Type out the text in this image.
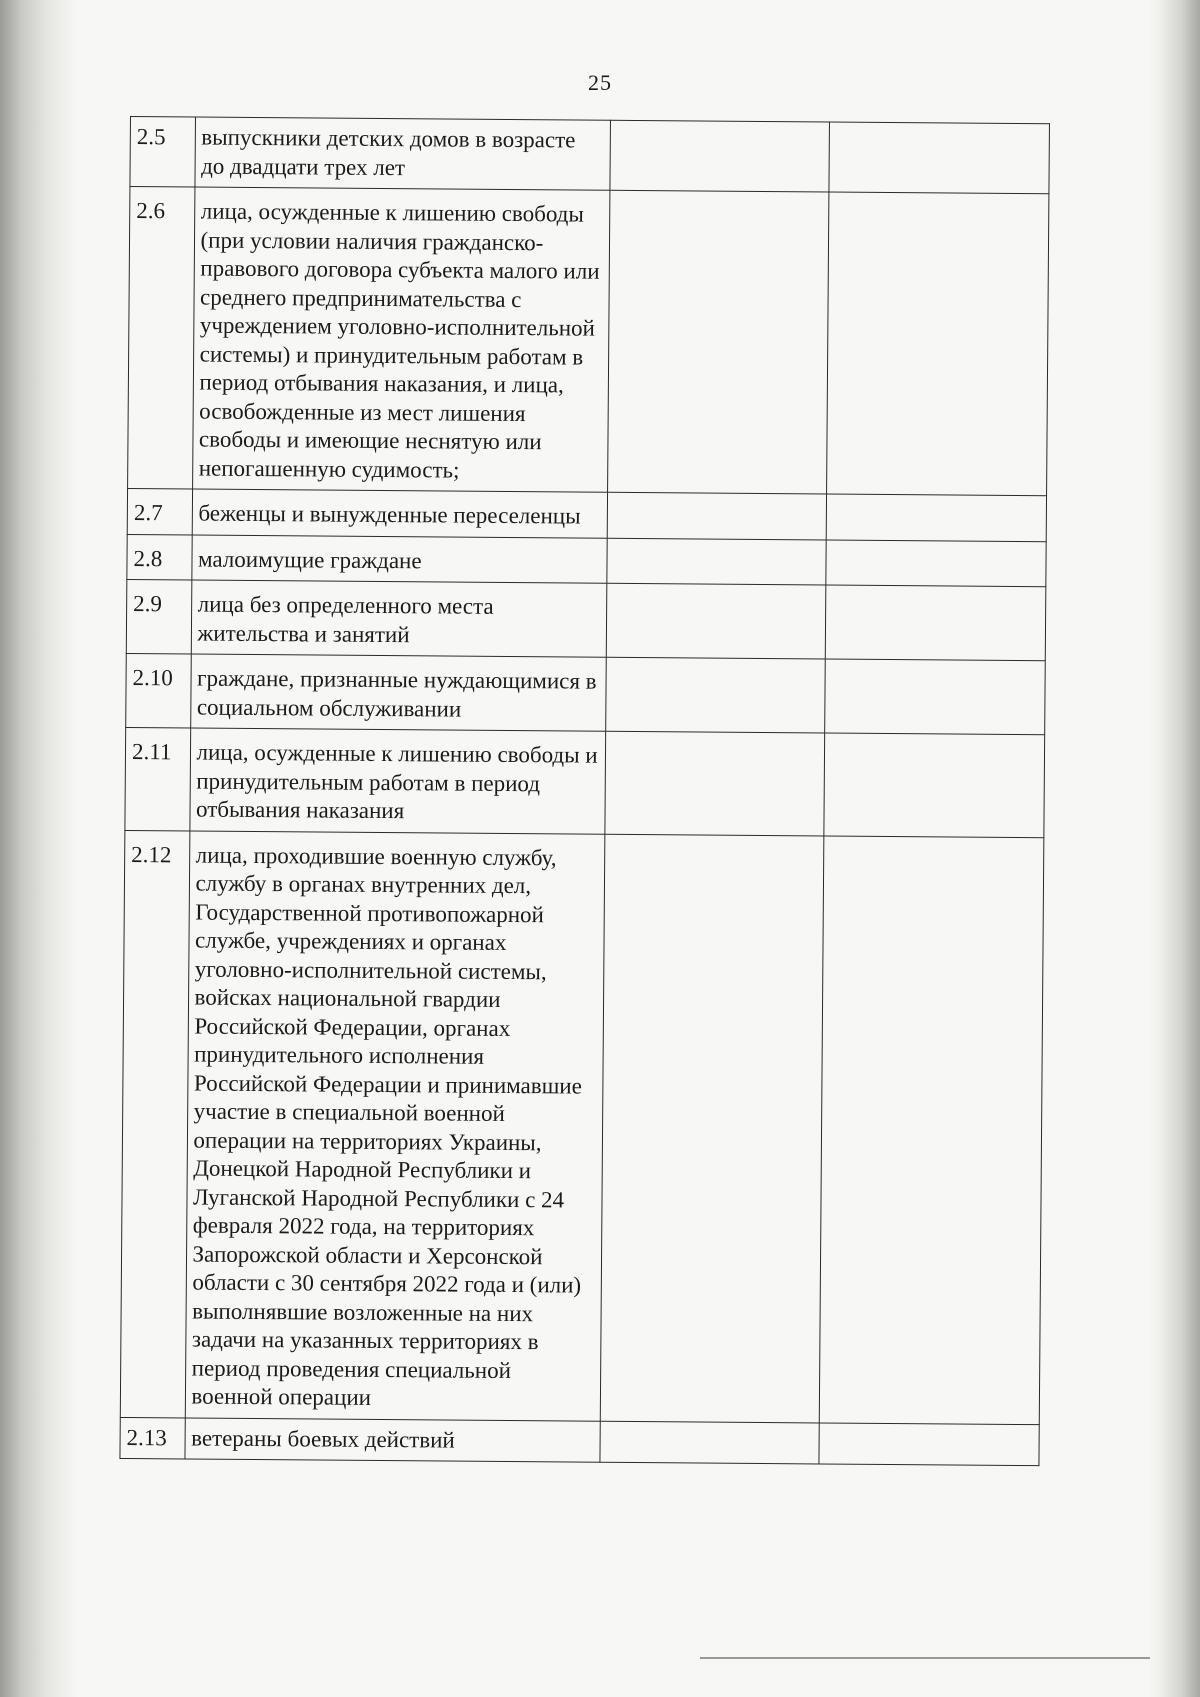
25
2.5	выпускники детских домов в возрасте до двадцати трех лет		
2.6	лица, осужденные к лишению свободы (при условии наличия гражданско-правового договора субъекта малого или среднего предпринимательства с учреждением уголовно-исполнительной системы) и принудительным работам в период отбывания наказания, и лица, освобожденные из мест лишения свободы и имеющие неснятую или непогашенную судимость;		
2.7	беженцы и вынужденные переселенцы		
2.8	малоимущие граждане		
2.9	лица без определенного места жительства и занятий		
2.10	граждане, признанные нуждающимися в социальном обслуживании		
2.11	лица, осужденные к лишению свободы и принудительным работам в период отбывания наказания		
2.12	лица, проходившие военную службу, службу в органах внутренних дел, Государственной противопожарной службе, учреждениях и органах уголовно-исполнительной системы, войсках национальной гвардии Российской Федерации, органах принудительного исполнения Российской Федерации и принимавшие участие в специальной военной операции на территориях Украины, Донецкой Народной Республики и Луганской Народной Республики с 24 февраля 2022 года, на территориях Запорожской области и Херсонской области с 30 сентября 2022 года и (или) выполнявшие возложенные на них задачи на указанных территориях в период проведения специальной военной операции		
2.13	ветераны боевых действий		
